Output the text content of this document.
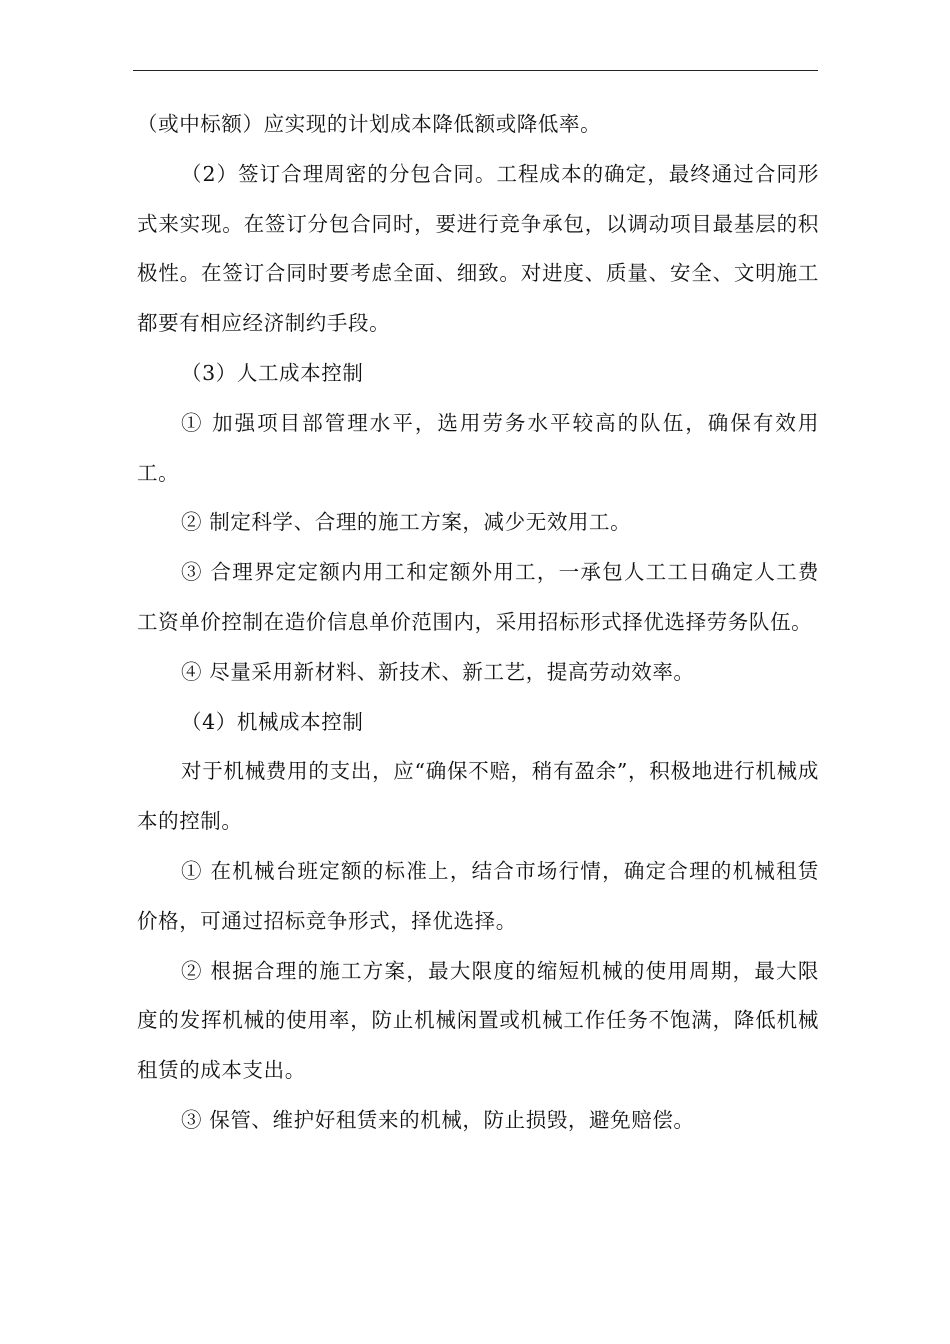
（或中标额）应实现的计划成本降低额或降低率。

（2）签订合理周密的分包合同。工程成本的确定，最终通过合同形式来实现。在签订分包合同时，要进行竞争承包，以调动项目最基层的积极性。在签订合同时要考虑全面、细致。对进度、质量、安全、文明施工都要有相应经济制约手段。

（3）人工成本控制

① 加强项目部管理水平，选用劳务水平较高的队伍，确保有效用工。

② 制定科学、合理的施工方案，减少无效用工。

③ 合理界定定额内用工和定额外用工，一承包人工工日确定人工费工资单价控制在造价信息单价范围内，采用招标形式择优选择劳务队伍。

④ 尽量采用新材料、新技术、新工艺，提高劳动效率。

（4）机械成本控制

对于机械费用的支出，应“确保不赔，稍有盈余”，积极地进行机械成本的控制。

① 在机械台班定额的标准上，结合市场行情，确定合理的机械租赁价格，可通过招标竞争形式，择优选择。

② 根据合理的施工方案，最大限度的缩短机械的使用周期，最大限度的发挥机械的使用率，防止机械闲置或机械工作任务不饱满，降低机械租赁的成本支出。

③ 保管、维护好租赁来的机械，防止损毁，避免赔偿。
